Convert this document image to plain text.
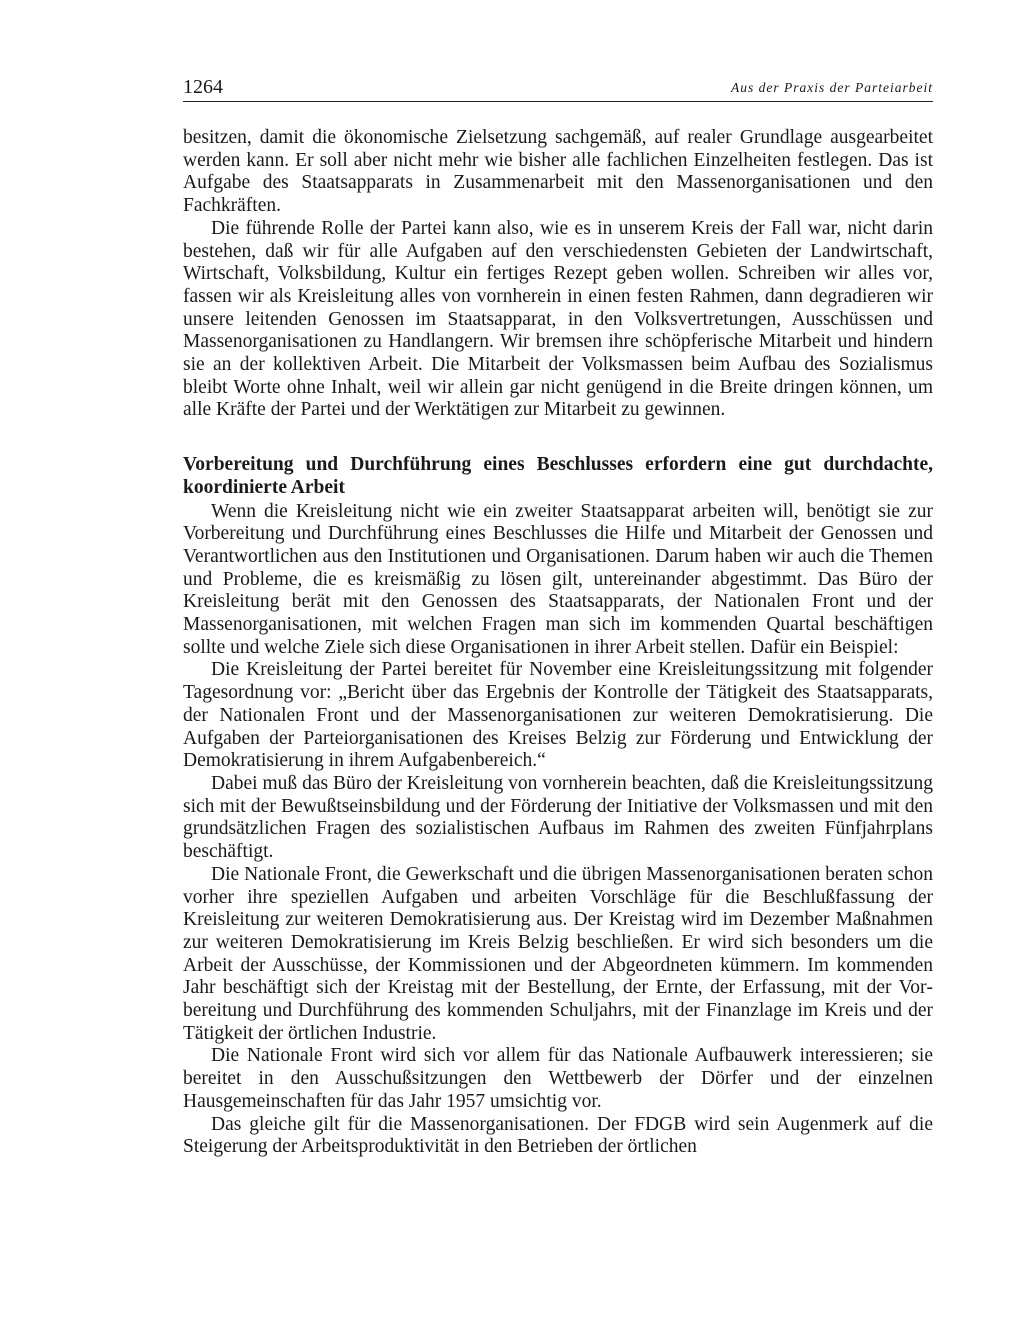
1264	Aus der Praxis der Parteiarbeit

besitzen, damit die ökonomische Zielsetzung sachgemäß, auf realer Grundlage ausgearbeitet werden kann. Er soll aber nicht mehr wie bisher alle fachlichen Einzelheiten festlegen. Das ist Aufgabe des Staatsapparats in Zusammenarbeit mit den Massenorganisationen und den Fachkräften.

Die führende Rolle der Partei kann also, wie es in unserem Kreis der Fall war, nicht darin bestehen, daß wir für alle Aufgaben auf den verschiedensten Gebieten der Landwirtschaft, Wirtschaft, Volksbildung, Kultur ein fertiges Rezept geben wollen. Schreiben wir alles vor, fassen wir als Kreisleitung alles von vornherein in einen festen Rahmen, dann degradieren wir unsere leitenden Genossen im Staatsapparat, in den Volksvertretungen, Ausschüssen und Massenorganisationen zu Handlangern. Wir bremsen ihre schöpferische Mitarbeit und hindern sie an der kollektiven Arbeit. Die Mitarbeit der Volksmassen beim Aufbau des Sozialismus bleibt Worte ohne Inhalt, weil wir allein gar nicht genügend in die Breite dringen können, um alle Kräfte der Partei und der Werktätigen zur Mitarbeit zu gewinnen.

Vorbereitung und Durchführung eines Beschlusses erfordern eine gut durchdachte, koordinierte Arbeit

Wenn die Kreisleitung nicht wie ein zweiter Staatsapparat arbeiten will, benötigt sie zur Vorbereitung und Durchführung eines Beschlusses die Hilfe und Mitarbeit der Genossen und Verantwortlichen aus den Institutionen und Organisationen. Darum haben wir auch die Themen und Probleme, die es kreismäßig zu lösen gilt, untereinander abgestimmt. Das Büro der Kreisleitung berät mit den Genossen des Staatsapparats, der Nationalen Front und der Massenorganisationen, mit welchen Fragen man sich im kommenden Quartal beschäftigen sollte und welche Ziele sich diese Organisationen in ihrer Arbeit stellen. Dafür ein Beispiel:

Die Kreisleitung der Partei bereitet für November eine Kreisleitungssitzung mit folgender Tagesordnung vor: „Bericht über das Ergebnis der Kontrolle der Tätigkeit des Staatsapparats, der Nationalen Front und der Massenorganisationen zur weiteren Demokratisierung. Die Aufgaben der Parteiorganisationen des Kreises Belzig zur Förderung und Entwicklung der Demokratisierung in ihrem Aufgabenbereich.“

Dabei muß das Büro der Kreisleitung von vornherein beachten, daß die Kreisleitungssitzung sich mit der Bewußtseinsbildung und der Förderung der Initiative der Volksmassen und mit den grundsätzlichen Fragen des sozialistischen Aufbaus im Rahmen des zweiten Fünfjahrplans beschäftigt.

Die Nationale Front, die Gewerkschaft und die übrigen Massenorganisationen beraten schon vorher ihre speziellen Aufgaben und arbeiten Vorschläge für die Beschlußfassung der Kreisleitung zur weiteren Demokratisierung aus. Der Kreistag wird im Dezember Maßnahmen zur weiteren Demokratisierung im Kreis Belzig beschließen. Er wird sich besonders um die Arbeit der Ausschüsse, der Kommissionen und der Abgeordneten kümmern. Im kommenden Jahr beschäftigt sich der Kreistag mit der Bestellung, der Ernte, der Erfassung, mit der Vorbereitung und Durchführung des kommenden Schuljahrs, mit der Finanzlage im Kreis und der Tätigkeit der örtlichen Industrie.

Die Nationale Front wird sich vor allem für das Nationale Aufbauwerk interessieren; sie bereitet in den Ausschußsitzungen den Wettbewerb der Dörfer und der einzelnen Hausgemeinschaften für das Jahr 1957 umsichtig vor.

Das gleiche gilt für die Massenorganisationen. Der FDGB wird sein Augenmerk auf die Steigerung der Arbeitsproduktivität in den Betrieben der örtlichen
